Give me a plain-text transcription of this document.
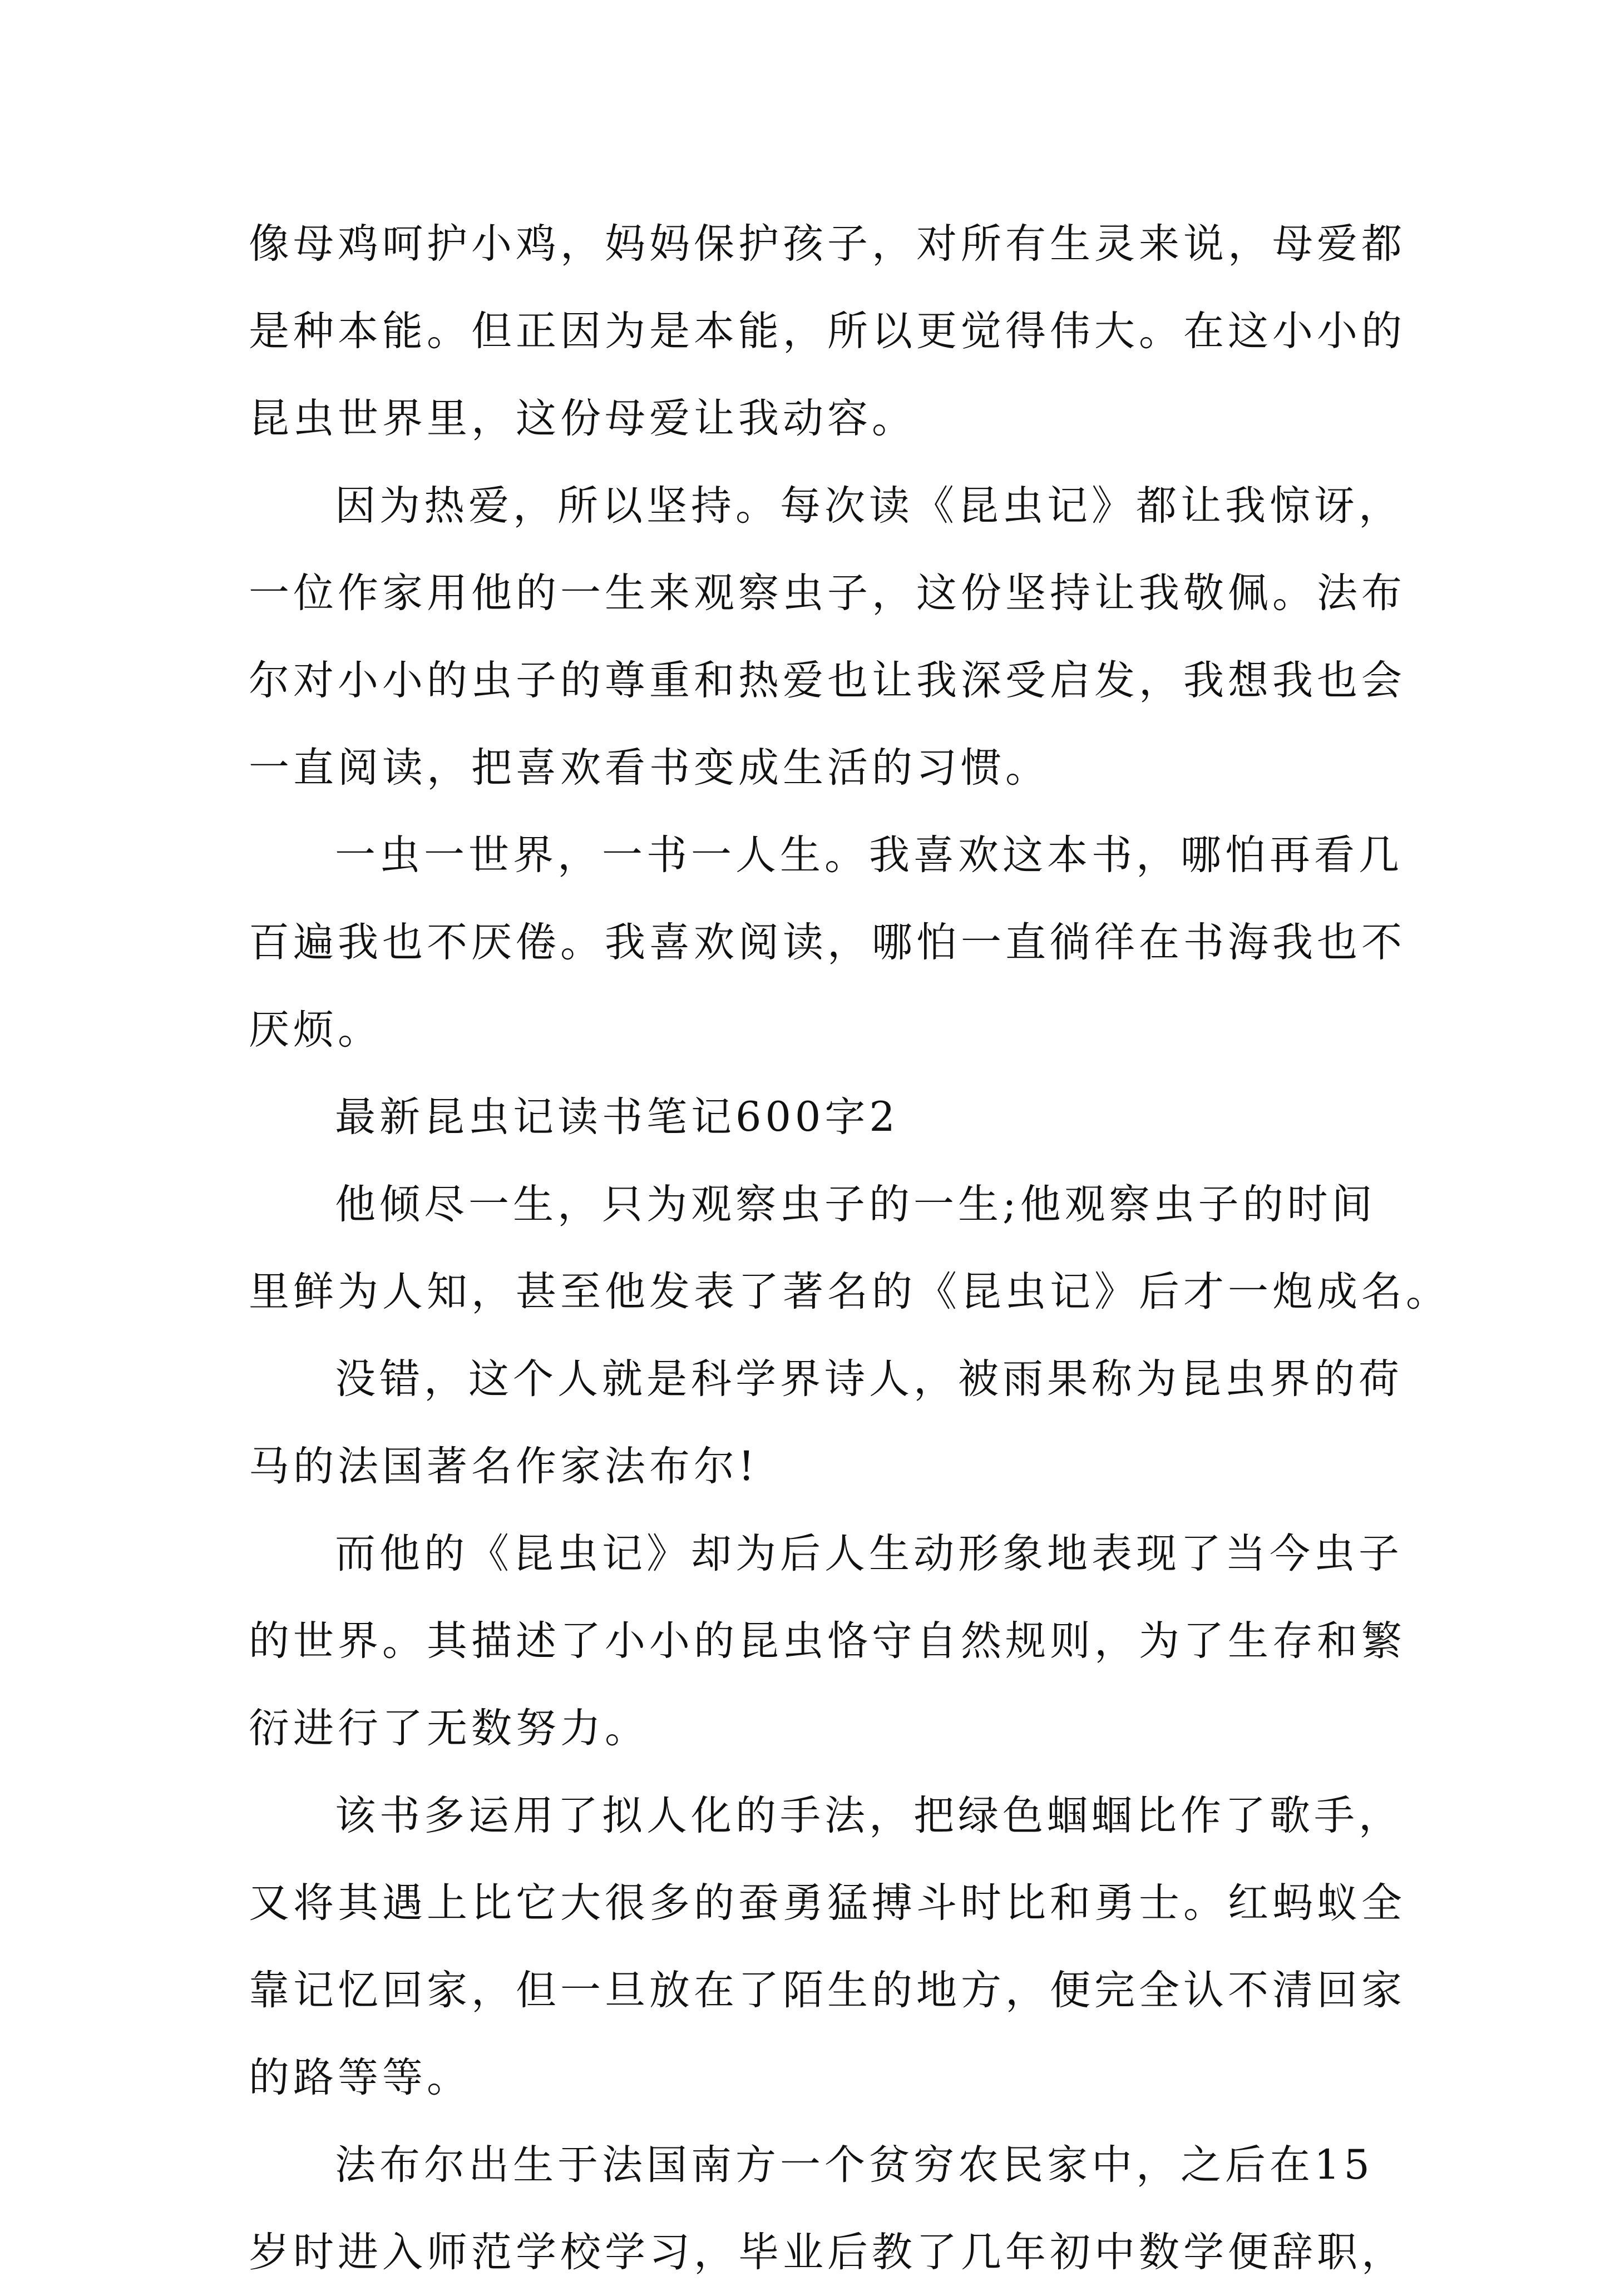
像母鸡呵护小鸡，妈妈保护孩子，对所有生灵来说，母爱都
是种本能。但正因为是本能，所以更觉得伟大。在这小小的
昆虫世界里，这份母爱让我动容。
因为热爱，所以坚持。每次读《昆虫记》都让我惊讶，
一位作家用他的一生来观察虫子，这份坚持让我敬佩。法布
尔对小小的虫子的尊重和热爱也让我深受启发，我想我也会
一直阅读，把喜欢看书变成生活的习惯。
一虫一世界，一书一人生。我喜欢这本书，哪怕再看几
百遍我也不厌倦。我喜欢阅读，哪怕一直徜徉在书海我也不
厌烦。
最新昆虫记读书笔记600字2
他倾尽一生，只为观察虫子的一生;他观察虫子的时间
里鲜为人知，甚至他发表了著名的《昆虫记》后才一炮成名。
没错，这个人就是科学界诗人，被雨果称为昆虫界的荷
马的法国著名作家法布尔!
而他的《昆虫记》却为后人生动形象地表现了当今虫子
的世界。其描述了小小的昆虫恪守自然规则，为了生存和繁
衍进行了无数努力。
该书多运用了拟人化的手法，把绿色蝈蝈比作了歌手，
又将其遇上比它大很多的蚕勇猛搏斗时比和勇士。红蚂蚁全
靠记忆回家，但一旦放在了陌生的地方，便完全认不清回家
的路等等。
法布尔出生于法国南方一个贫穷农民家中，之后在15
岁时进入师范学校学习，毕业后教了几年初中数学便辞职，
